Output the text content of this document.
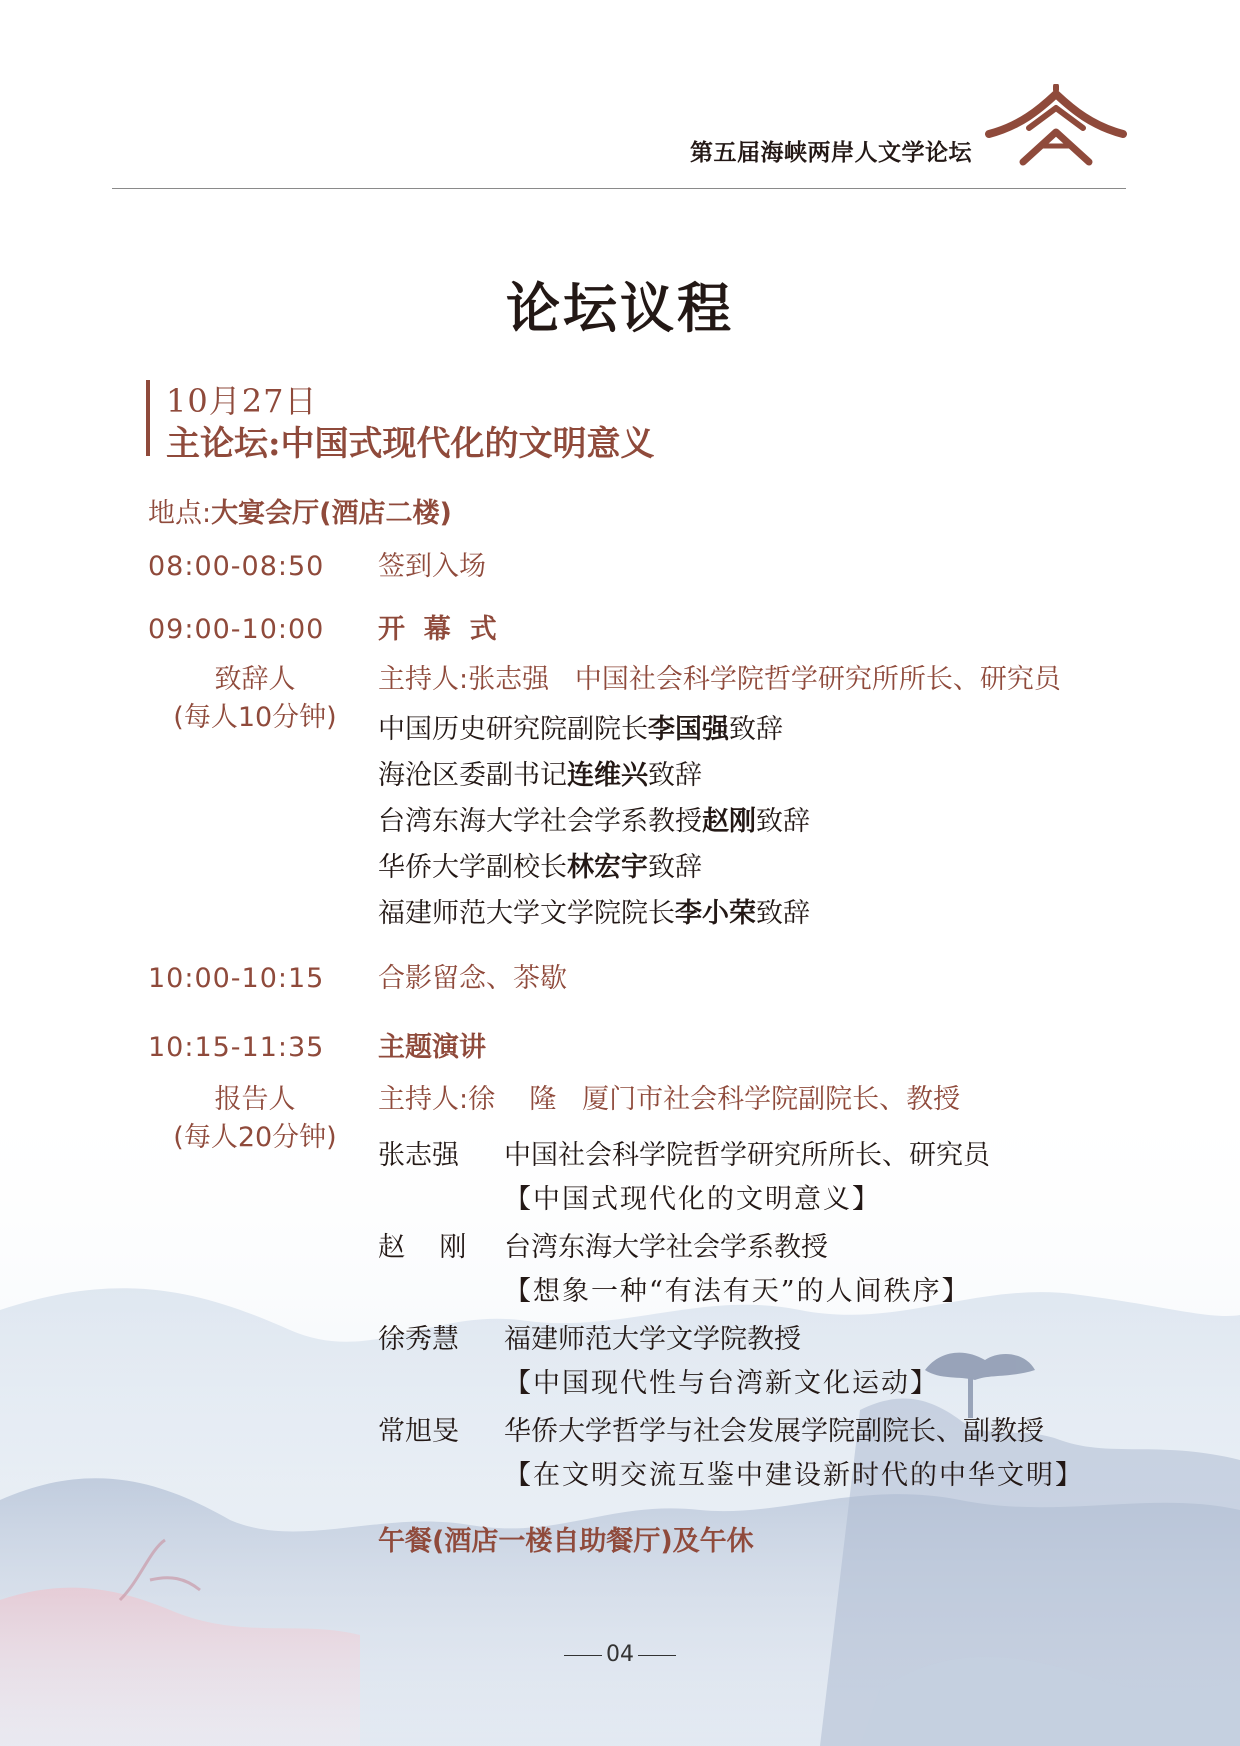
第五届海峡两岸人文学论坛
论坛议程
10月27日
主论坛:中国式现代化的文明意义
地点:大宴会厅(酒店二楼)
08:00-08:50 签到入场
09:00-10:00 开  幕  式
致辞人
(每人10分钟)
主持人:张志强   中国社会科学院哲学研究所所长、研究员
中国历史研究院副院长李国强致辞
海沧区委副书记连维兴致辞
台湾东海大学社会学系教授赵刚致辞
华侨大学副校长林宏宇致辞
福建师范大学文学院院长李小荣致辞
10:00-10:15 合影留念、茶歇
10:15-11:35 主题演讲
报告人
(每人20分钟)
主持人:徐    隆   厦门市社会科学院副院长、教授
张志强 中国社会科学院哲学研究所所长、研究员
【中国式现代化的文明意义】
赵    刚 台湾东海大学社会学系教授
【想象一种“有法有天”的人间秩序】
徐秀慧 福建师范大学文学院教授
【中国现代性与台湾新文化运动】
常旭旻 华侨大学哲学与社会发展学院副院长、副教授
【在文明交流互鉴中建设新时代的中华文明】
午餐(酒店一楼自助餐厅)及午休
04
